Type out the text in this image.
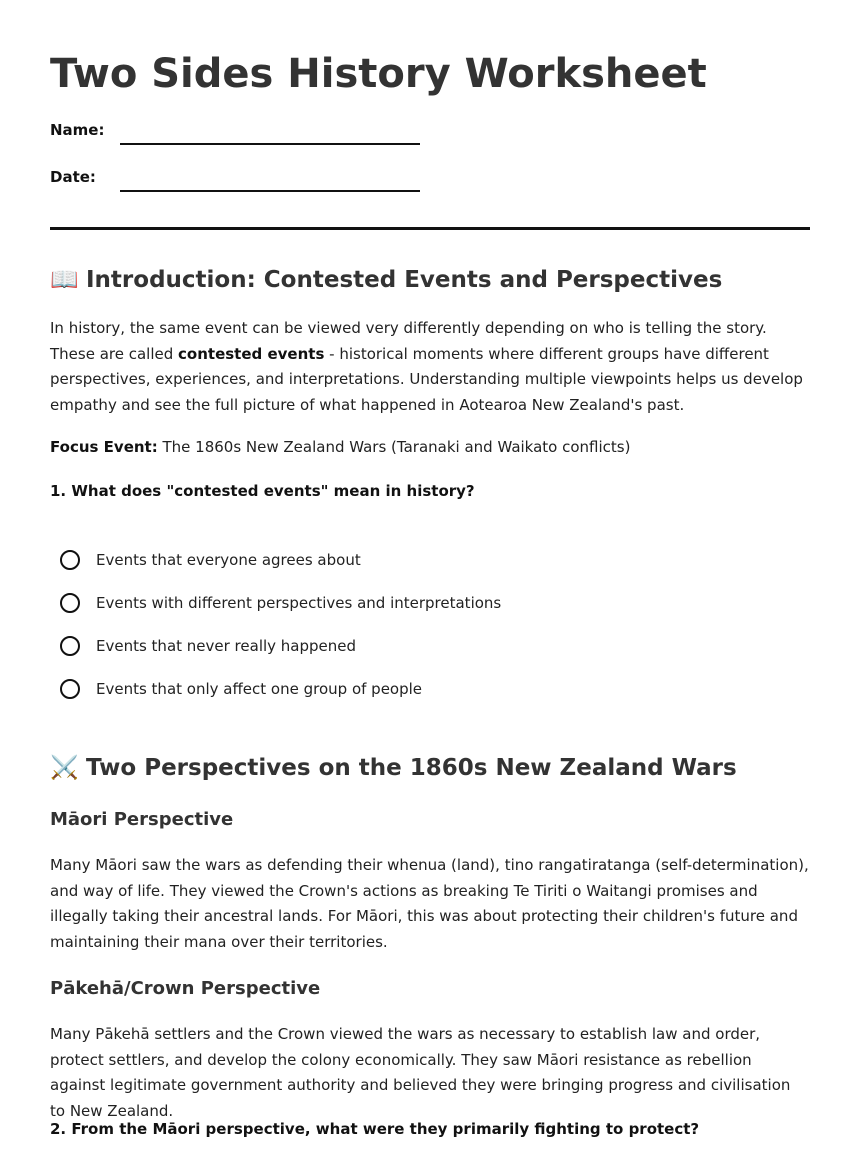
Two Sides History Worksheet
Name:
Date:
📖 Introduction: Contested Events and Perspectives

In history, the same event can be viewed very differently depending on who is telling the story. These are called contested events - historical moments where different groups have different perspectives, experiences, and interpretations. Understanding multiple viewpoints helps us develop empathy and see the full picture of what happened in Aotearoa New Zealand's past.

Focus Event: The 1860s New Zealand Wars (Taranaki and Waikato conflicts)

1. What does "contested events" mean in history?

Events that everyone agrees about
Events with different perspectives and interpretations
Events that never really happened
Events that only affect one group of people
⚔️ Two Perspectives on the 1860s New Zealand Wars
Māori Perspective

Many Māori saw the wars as defending their whenua (land), tino rangatiratanga (self-determination), and way of life. They viewed the Crown's actions as breaking Te Tiriti o Waitangi promises and illegally taking their ancestral lands. For Māori, this was about protecting their children's future and maintaining their mana over their territories.

Pākehā/Crown Perspective

Many Pākehā settlers and the Crown viewed the wars as necessary to establish law and order, protect settlers, and develop the colony economically. They saw Māori resistance as rebellion against legitimate government authority and believed they were bringing progress and civilisation to New Zealand.

2. From the Māori perspective, what were they primarily fighting to protect?
